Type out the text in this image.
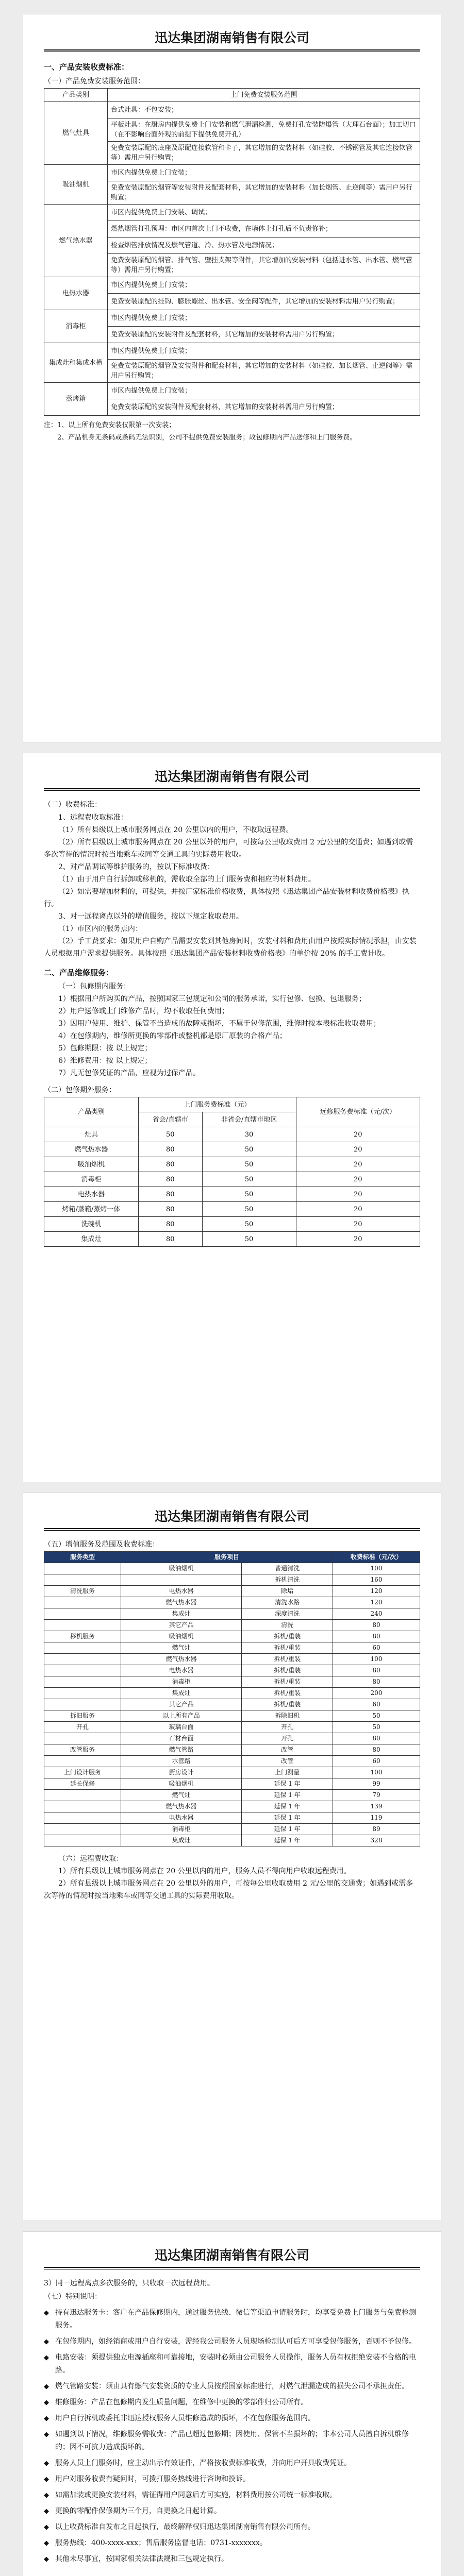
迅达集团湖南销售有限公司

一、产品安装收费标准：

（一）产品免费安装服务范围：

产品类别	上门免费安装服务范围
燃气灶具	台式灶具：不包安装；
	平板灶具：在厨房内提供免费上门安装和燃气泄漏检测，免费打孔安装防爆管（大理石台面）；加工切口（在不影响台面外观的前提下提供免费开孔）
	免费安装原配的底座及原配连接软管和卡子，其它增加的安装材料（如硅胶、不锈钢管及其它连接软管等）需用户另行购置；
吸油烟机	市区内提供免费上门安装；
	免费安装原配的烟管等安装附件及配套材料，其它增加的安装材料（加长烟管、止逆阀等）需用户另行购置；
燃气热水器	市区内提供免费上门安装、调试；
	燃热烟管打孔预埋：市区内首次上门不收费，在墙体上打孔后不负责修补；
	检查烟管排放情况及燃气管道、冷、热水管及电源情况；
	免费安装原配的烟管、排气管、壁挂支架等附件，其它增加的安装材料（包括进水管、出水管、燃气管等）需用户另行购置；
电热水器	市区内提供免费上门安装；
	免费安装原配的挂钩、膨胀螺丝、出水管、安全阀等配件，其它增加的安装材料需用户另行购置；
消毒柜	市区内提供免费上门安装；
	免费安装原配的安装附件及配套材料，其它增加的安装材料需用户另行购置；
集成灶和集成水槽	市区内提供免费上门安装；
	免费安装原配的烟管及安装附件和配套材料，其它增加的安装材料（如硅胶、加长烟管、止逆阀等）需用户另行购置；
蒸烤箱	市区内提供免费上门安装；
	免费安装原配的安装附件及配套材料，其它增加的安装材料需用户另行购置；
注：1、以上所有免费安装仅限第一次安装；
2、产品机身无条码或条码无法识别，公司不提供免费安装服务；故包修期内产品送修和上门服务费。
迅达集团湖南销售有限公司

（二）收费标准：

1、远程费收取标准：

（1）所有县级以上城市服务网点在 20 公里以内的用户，不收取远程费。

（2）所有县级以上城市服务网点在 20 公里以外的用户，可按每公里收取费用 2 元/公里的交通费；如遇到或需多次等待的情况时按当地乘车或同等交通工具的实际费用收取。

2、对产品调试等维护服务的，按以下标准收费：

（1）由于用户自行拆卸或移机的，需收取全部的上门服务费和相应的材料费用。

（2）如需要增加材料的，可提供，并按厂家标准价格收费，具体按照《迅达集团产品安装材料收费价格表》执行。

3、对一远程离点以外的增值服务，按以下规定收取费用。

（1）市区内的服务点内：

（2）手工费要求：如果用户自购产品需要安装到其他房间时，安装材料和费用由用户按照实际情况承担，由安装人员根据用户需求提供服务。具体按照《迅达集团产品安装材料收费价格表》的单价按 20% 的手工费计收。

二、产品维修服务：

（一）包修期内服务：

1）根据用户所购买的产品，按照国家三包规定和公司的服务承诺，实行包修、包换、包退服务；

2）用户送修或上门维修产品时，均不收取任何费用；

3）因用户使用、维护、保管不当造成的故障或损坏，不属于包修范围，维修时按本表标准收取费用；

4）在包修期内，维修所更换的零部件或整机都是原厂原装的合格产品；

5）包修期限：按 以上规定；

6）维修费用：按 以上规定；

7）凡无包修凭证的产品，应视为过保产品。

（二）包修期外服务：

产品类别	上门服务费标准（元）		远修服务费标准（元/次）
	省会/直辖市	非省会/直辖市地区	
灶具	50	30	20
燃气热水器	80	50	20
吸油烟机	80	50	20
消毒柜	80	50	20
电热水器	80	50	20
烤箱/蒸箱/蒸烤一体	80	50	20
洗碗机	80	50	20
集成灶	80	50	20
迅达集团湖南销售有限公司

（五）增值服务及范围及收费标准：

服务类型	服务项目		收费标准（元/次）
	吸油烟机	普通清洗	100
		拆机清洗	160
清洗服务	电热水器	除垢	120
	燃气热水器	清洗水路	120
	集成灶	深度清洗	240
	其它产品	清洗	80
移机服务	吸油烟机	拆机/重装	80
	燃气灶	拆机/重装	60
	燃气热水器	拆机/重装	100
	电热水器	拆机/重装	80
	消毒柜	拆机/重装	80
	集成灶	拆机/重装	200
	其它产品	拆机/重装	60
拆旧服务	以上所有产品	拆除旧机	50
开孔	玻璃台面	开孔	50
	石材台面	开孔	80
改管服务	燃气管路	改管	80
	水管路	改管	60
上门设计服务	厨房设计	上门测量	100
延长保修	吸油烟机	延保 1 年	99
	燃气灶	延保 1 年	79
	燃气热水器	延保 1 年	139
	电热水器	延保 1 年	119
	消毒柜	延保 1 年	89
	集成灶	延保 1 年	328

（六）远程费收取：

1）所有县级以上城市服务网点在 20 公里以内的用户，服务人员不得向用户收取远程费用。

2）所有县级以上城市服务网点在 20 公里以外的用户，可按每公里收取费用 2 元/公里的交通费；如遇到或需多次等待的情况时按当地乘车或同等交通工具的实际费用收取。

迅达集团湖南销售有限公司

3）同一远程离点多次服务的，只收取一次远程费用。

（七）特别说明：

◆ 持有迅达服务卡：客户在产品保修期内，通过服务热线、微信等渠道申请服务时，均享受免费上门服务与免费检测服务。
◆ 在包修期内，如经销商或用户自行安装，需经我公司服务人员现场检测认可后方可享受包修服务，否则不予包修。
◆ 电路安装：须提供独立电源插座和可靠接地，安装时必须由公司服务人员操作，服务人员有权拒绝安装不合格的电路。
◆ 燃气管路安装：须由具有燃气安装资质的专业人员按照国家标准进行，对燃气泄漏造成的损失公司不承担责任。
◆ 维修服务：产品在包修期内发生质量问题，在维修中更换的零部件归公司所有。
◆ 用户自行拆机或委托非迅达授权服务人员维修造成的损坏，不在包修服务范围内。
◆ 如遇到以下情况，维修服务需收费：产品已超过包修期；因使用、保管不当损坏的；非本公司人员擅自拆机维修的；因不可抗力造成损坏的。
◆ 服务人员上门服务时，应主动出示有效证件，严格按收费标准收费，并向用户开具收费凭证。
◆ 用户对服务收费有疑问时，可拨打服务热线进行咨询和投诉。
◆ 如需加装或更换安装材料，需征得用户同意后方可实施，材料费用按公司统一标准收取。
◆ 更换的零配件保修期为三个月，自更换之日起计算。
◆ 以上收费标准自发布之日起执行，最终解释权归迅达集团湖南销售有限公司所有。
◆ 服务热线：400-xxxx-xxx；售后服务监督电话：0731-xxxxxxx。
◆ 其他未尽事宜，按国家相关法律法规和三包规定执行。
